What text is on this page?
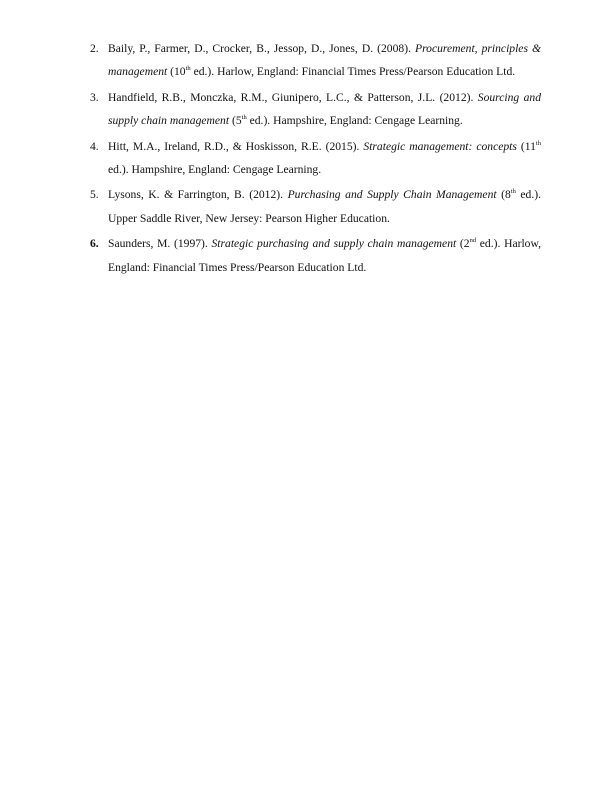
2. Baily, P., Farmer, D., Crocker, B., Jessop, D., Jones, D. (2008). Procurement, principles & management (10th ed.). Harlow, England: Financial Times Press/Pearson Education Ltd.
3. Handfield, R.B., Monczka, R.M., Giunipero, L.C., & Patterson, J.L. (2012). Sourcing and supply chain management (5th ed.). Hampshire, England: Cengage Learning.
4. Hitt, M.A., Ireland, R.D., & Hoskisson, R.E. (2015). Strategic management: concepts (11th ed.). Hampshire, England: Cengage Learning.
5. Lysons, K. & Farrington, B. (2012). Purchasing and Supply Chain Management (8th ed.). Upper Saddle River, New Jersey: Pearson Higher Education.
6. Saunders, M. (1997). Strategic purchasing and supply chain management (2nd ed.). Harlow, England: Financial Times Press/Pearson Education Ltd.
